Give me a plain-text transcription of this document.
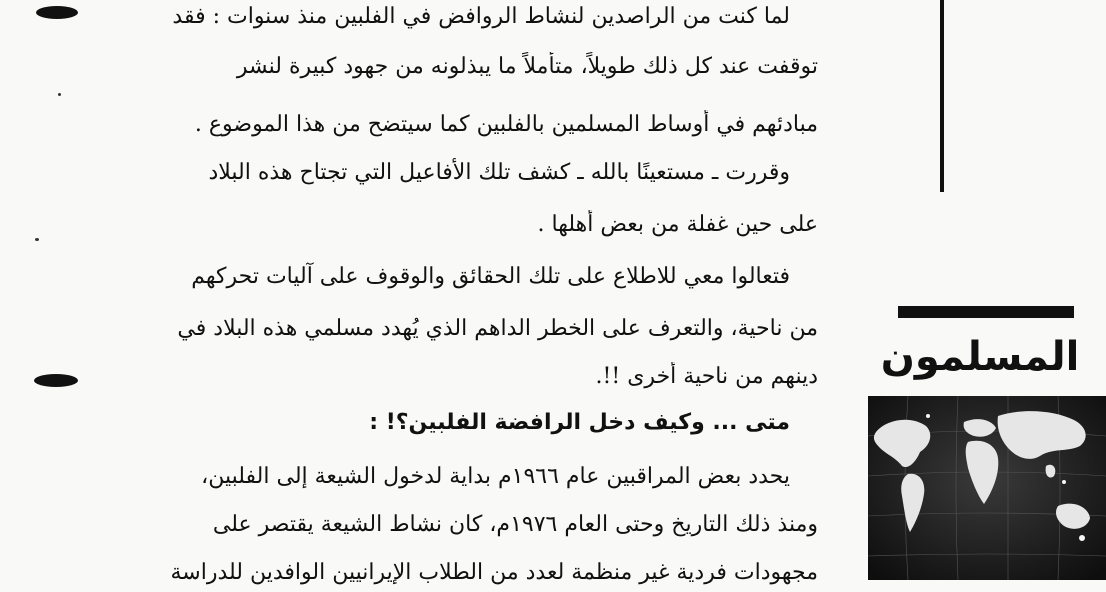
لما كنت من الراصدين لنشاط الروافض في الفلبين منذ سنوات : فقد
توقفت عند كل ذلك طويلاً، متأملاً ما يبذلونه من جهود كبيرة لنشر
مبادئهم في أوساط المسلمين بالفلبين كما سيتضح من هذا الموضوع .
وقررت ـ مستعينًا بالله ـ كشف تلك الأفاعيل التي تجتاح هذه البلاد
على حين غفلة من بعض أهلها .
فتعالوا معي للاطلاع على تلك الحقائق والوقوف على آليات تحركهم
من ناحية، والتعرف على الخطر الداهم الذي يُهدد مسلمي هذه البلاد في
دينهم من ناحية أخرى !!.
متى ... وكيف دخل الرافضة الفلبين؟! :
يحدد بعض المراقبين عام ١٩٦٦م بداية لدخول الشيعة إلى الفلبين،
ومنذ ذلك التاريخ وحتى العام ١٩٧٦م، كان نشاط الشيعة يقتصر على
مجهودات فردية غير منظمة لعدد من الطلاب الإيرانيين الوافدين للدراسة
المسلمون
